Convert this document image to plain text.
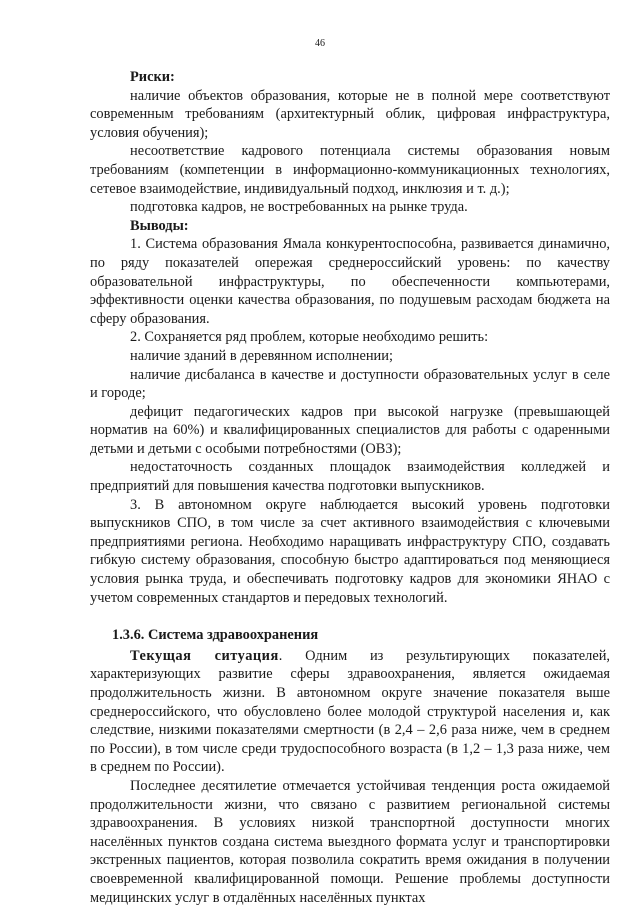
46

Риски:

наличие объектов образования, которые не в полной мере соответствуют современным требованиям (архитектурный облик, цифровая инфраструктура, условия обучения);

несоответствие кадрового потенциала системы образования новым требованиям (компетенции в информационно-коммуникационных технологиях, сетевое взаимодействие, индивидуальный подход, инклюзия и т. д.);

подготовка кадров, не востребованных на рынке труда.

Выводы:

1. Система образования Ямала конкурентоспособна, развивается динамично, по ряду показателей опережая среднероссийский уровень: по качеству образовательной инфраструктуры, по обеспеченности компьютерами, эффективности оценки качества образования, по подушевым расходам бюджета на сферу образования.

2. Сохраняется ряд проблем, которые необходимо решить:

наличие зданий в деревянном исполнении;

наличие дисбаланса в качестве и доступности образовательных услуг в селе и городе;

дефицит педагогических кадров при высокой нагрузке (превышающей норматив на 60%) и квалифицированных специалистов для работы с одаренными детьми и детьми с особыми потребностями (ОВЗ);

недостаточность созданных площадок взаимодействия колледжей и предприятий для повышения качества подготовки выпускников.

3. В автономном округе наблюдается высокий уровень подготовки выпускников СПО, в том числе за счет активного взаимодействия с ключевыми предприятиями региона. Необходимо наращивать инфраструктуру СПО, создавать гибкую систему образования, способную быстро адаптироваться под меняющиеся условия рынка труда, и обеспечивать подготовку кадров для экономики ЯНАО с учетом современных стандартов и передовых технологий.

1.3.6. Система здравоохранения

Текущая ситуация. Одним из результирующих показателей, характеризующих развитие сферы здравоохранения, является ожидаемая продолжительность жизни. В автономном округе значение показателя выше среднероссийского, что обусловлено более молодой структурой населения и, как следствие, низкими показателями смертности (в 2,4 – 2,6 раза ниже, чем в среднем по России), в том числе среди трудоспособного возраста (в 1,2 – 1,3 раза ниже, чем в среднем по России).

Последнее десятилетие отмечается устойчивая тенденция роста ожидаемой продолжительности жизни, что связано с развитием региональной системы здравоохранения. В условиях низкой транспортной доступности многих населённых пунктов создана система выездного формата услуг и транспортировки экстренных пациентов, которая позволила сократить время ожидания в получении своевременной квалифицированной помощи. Решение проблемы доступности медицинских услуг в отдалённых населённых пунктах
